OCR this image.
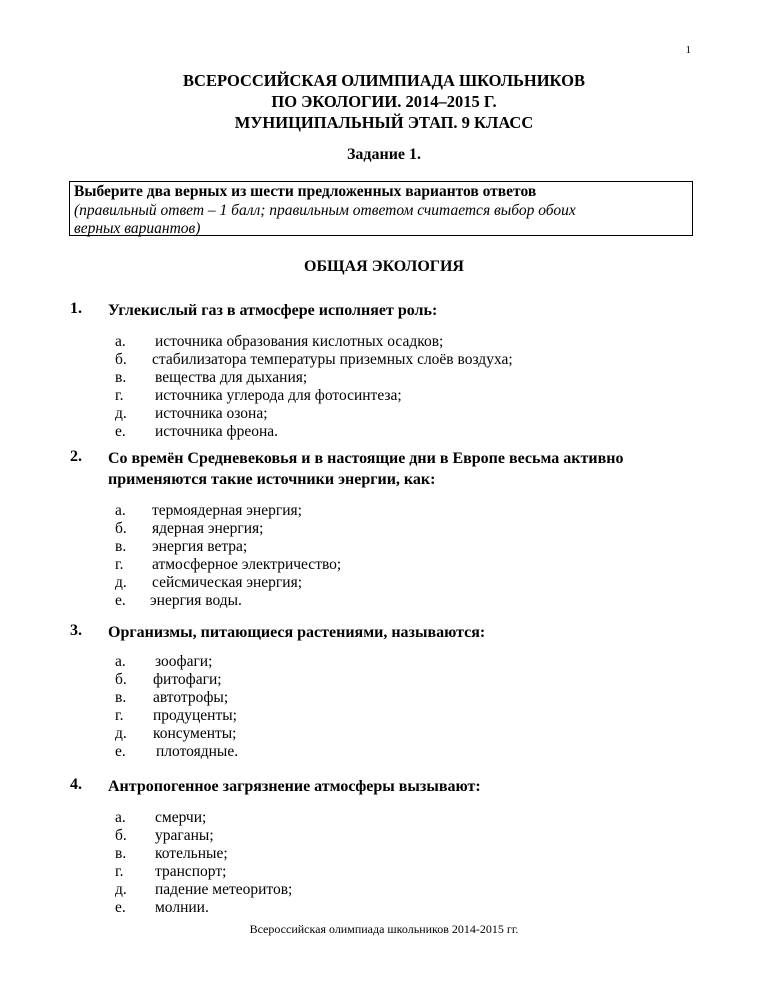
1
ВСЕРОССИЙСКАЯ ОЛИМПИАДА ШКОЛЬНИКОВ
ПО ЭКОЛОГИИ. 2014–2015 Г.
МУНИЦИПАЛЬНЫЙ ЭТАП. 9 КЛАСС
Задание 1.
Выберите два верных из шести предложенных вариантов ответов
(правильный ответ – 1 балл; правильным ответом считается выбор обоих
верных вариантов)
ОБЩАЯ ЭКОЛОГИЯ
1. Углекислый газ в атмосфере исполняет роль:
а. источника образования кислотных осадков;
б. стабилизатора температуры приземных слоёв воздуха;
в. вещества для дыхания;
г. источника углерода для фотосинтеза;
д. источника озона;
е. источника фреона.
2. Со времён Средневековья и в настоящие дни в Европе весьма активно
применяются такие источники энергии, как:
а. термоядерная энергия;
б. ядерная энергия;
в. энергия ветра;
г. атмосферное электричество;
д. сейсмическая энергия;
е. энергия воды.
3. Организмы, питающиеся растениями, называются:
а. зоофаги;
б. фитофаги;
в. автотрофы;
г. продуценты;
д. консументы;
е. плотоядные.
4. Антропогенное загрязнение атмосферы вызывают:
а. смерчи;
б. ураганы;
в. котельные;
г. транспорт;
д. падение метеоритов;
е. молнии.
Всероссийская олимпиада школьников 2014-2015 гг.
